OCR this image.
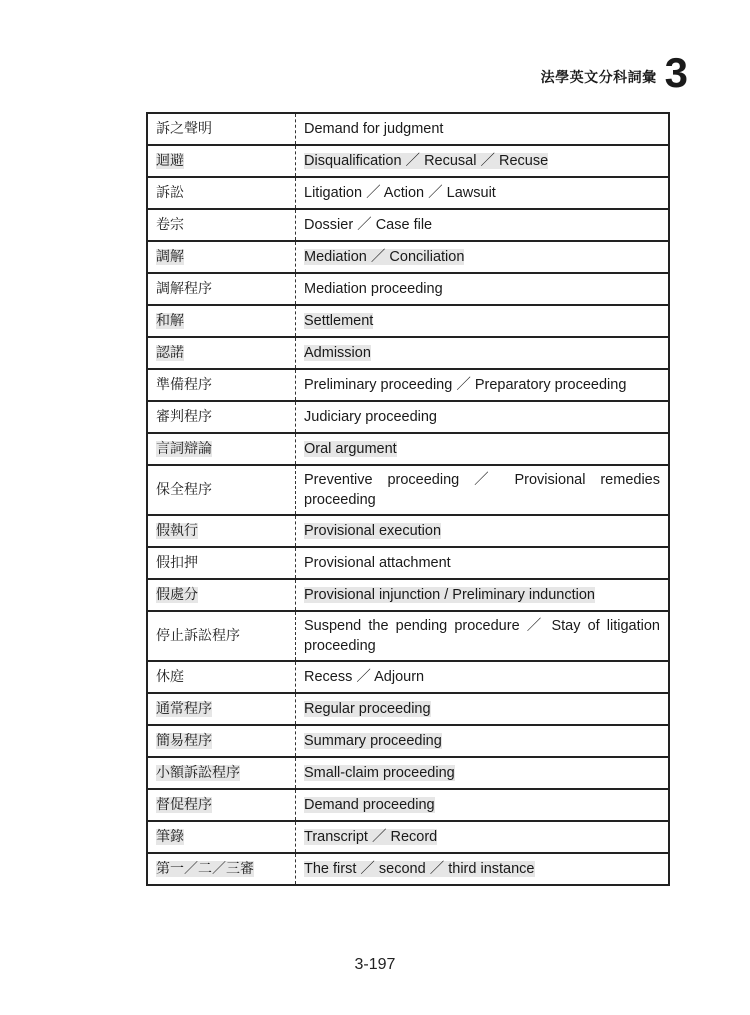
法學英文分科詞彙 3
訴之聲明	Demand for judgment
迴避	Disqualification ／ Recusal ／ Recuse
訴訟	Litigation ／ Action ／ Lawsuit
卷宗	Dossier ／ Case file
調解	Mediation ／ Conciliation
調解程序	Mediation proceeding
和解	Settlement
認諾	Admission
準備程序	Preliminary proceeding ／ Preparatory proceeding
審判程序	Judiciary proceeding
言詞辯論	Oral argument
保全程序	Preventive proceeding ／ Provisional remedies proceeding
假執行	Provisional execution
假扣押	Provisional attachment
假處分	Provisional injunction / Preliminary indunction
停止訴訟程序	Suspend the pending procedure ／ Stay of litigation proceeding
休庭	Recess ／ Adjourn
通常程序	Regular proceeding
簡易程序	Summary proceeding
小額訴訟程序	Small-claim proceeding
督促程序	Demand proceeding
筆錄	Transcript ／ Record
第一／二／三審	The first ／ second ／ third instance
3-197
